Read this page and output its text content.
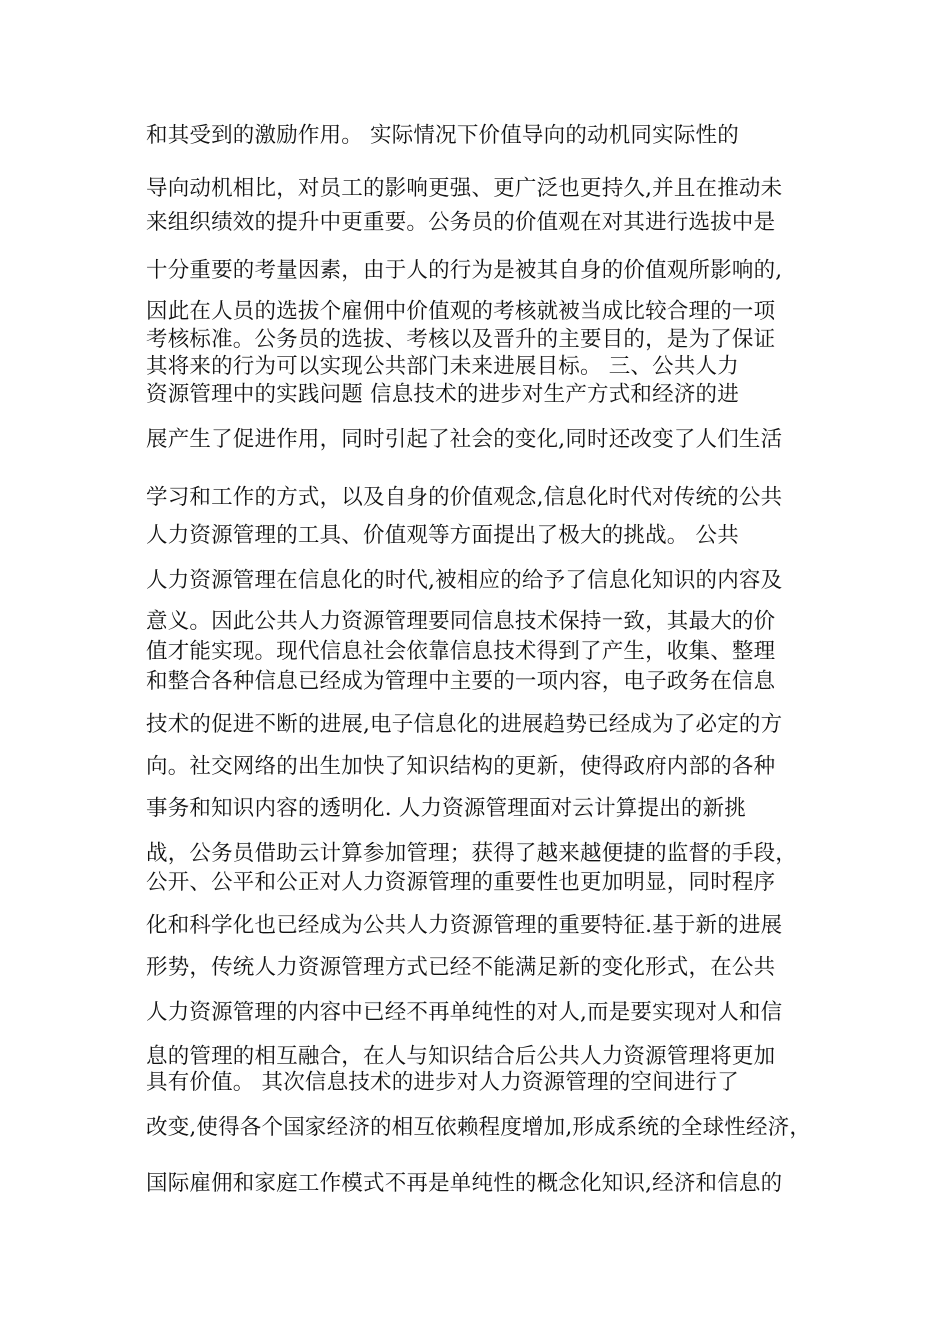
和其受到的激励作用。 实际情况下价值导向的动机同实际性的
导向动机相比，对员工的影响更强、更广泛也更持久,并且在推动未
来组织绩效的提升中更重要。公务员的价值观在对其进行选拔中是
十分重要的考量因素，由于人的行为是被其自身的价值观所影响的,
因此在人员的选拔个雇佣中价值观的考核就被当成比较合理的一项
考核标准。公务员的选拔、考核以及晋升的主要目的，是为了保证
其将来的行为可以实现公共部门未来进展目标。 三、公共人力
资源管理中的实践问题 信息技术的进步对生产方式和经济的进
展产生了促进作用，同时引起了社会的变化,同时还改变了人们生活
学习和工作的方式，以及自身的价值观念,信息化时代对传统的公共
人力资源管理的工具、价值观等方面提出了极大的挑战。 公共
人力资源管理在信息化的时代,被相应的给予了信息化知识的内容及
意义。因此公共人力资源管理要同信息技术保持一致，其最大的价
值才能实现。现代信息社会依靠信息技术得到了产生，收集、整理
和整合各种信息已经成为管理中主要的一项内容，电子政务在信息
技术的促进不断的进展,电子信息化的进展趋势已经成为了必定的方
向。社交网络的出生加快了知识结构的更新，使得政府内部的各种
事务和知识内容的透明化. 人力资源管理面对云计算提出的新挑
战，公务员借助云计算参加管理；获得了越来越便捷的监督的手段，
公开、公平和公正对人力资源管理的重要性也更加明显，同时程序
化和科学化也已经成为公共人力资源管理的重要特征.基于新的进展
形势，传统人力资源管理方式已经不能满足新的变化形式，在公共
人力资源管理的内容中已经不再单纯性的对人,而是要实现对人和信
息的管理的相互融合，在人与知识结合后公共人力资源管理将更加
具有价值。 其次信息技术的进步对人力资源管理的空间进行了
改变,使得各个国家经济的相互依赖程度增加,形成系统的全球性经济，
国际雇佣和家庭工作模式不再是单纯性的概念化知识,经济和信息的
